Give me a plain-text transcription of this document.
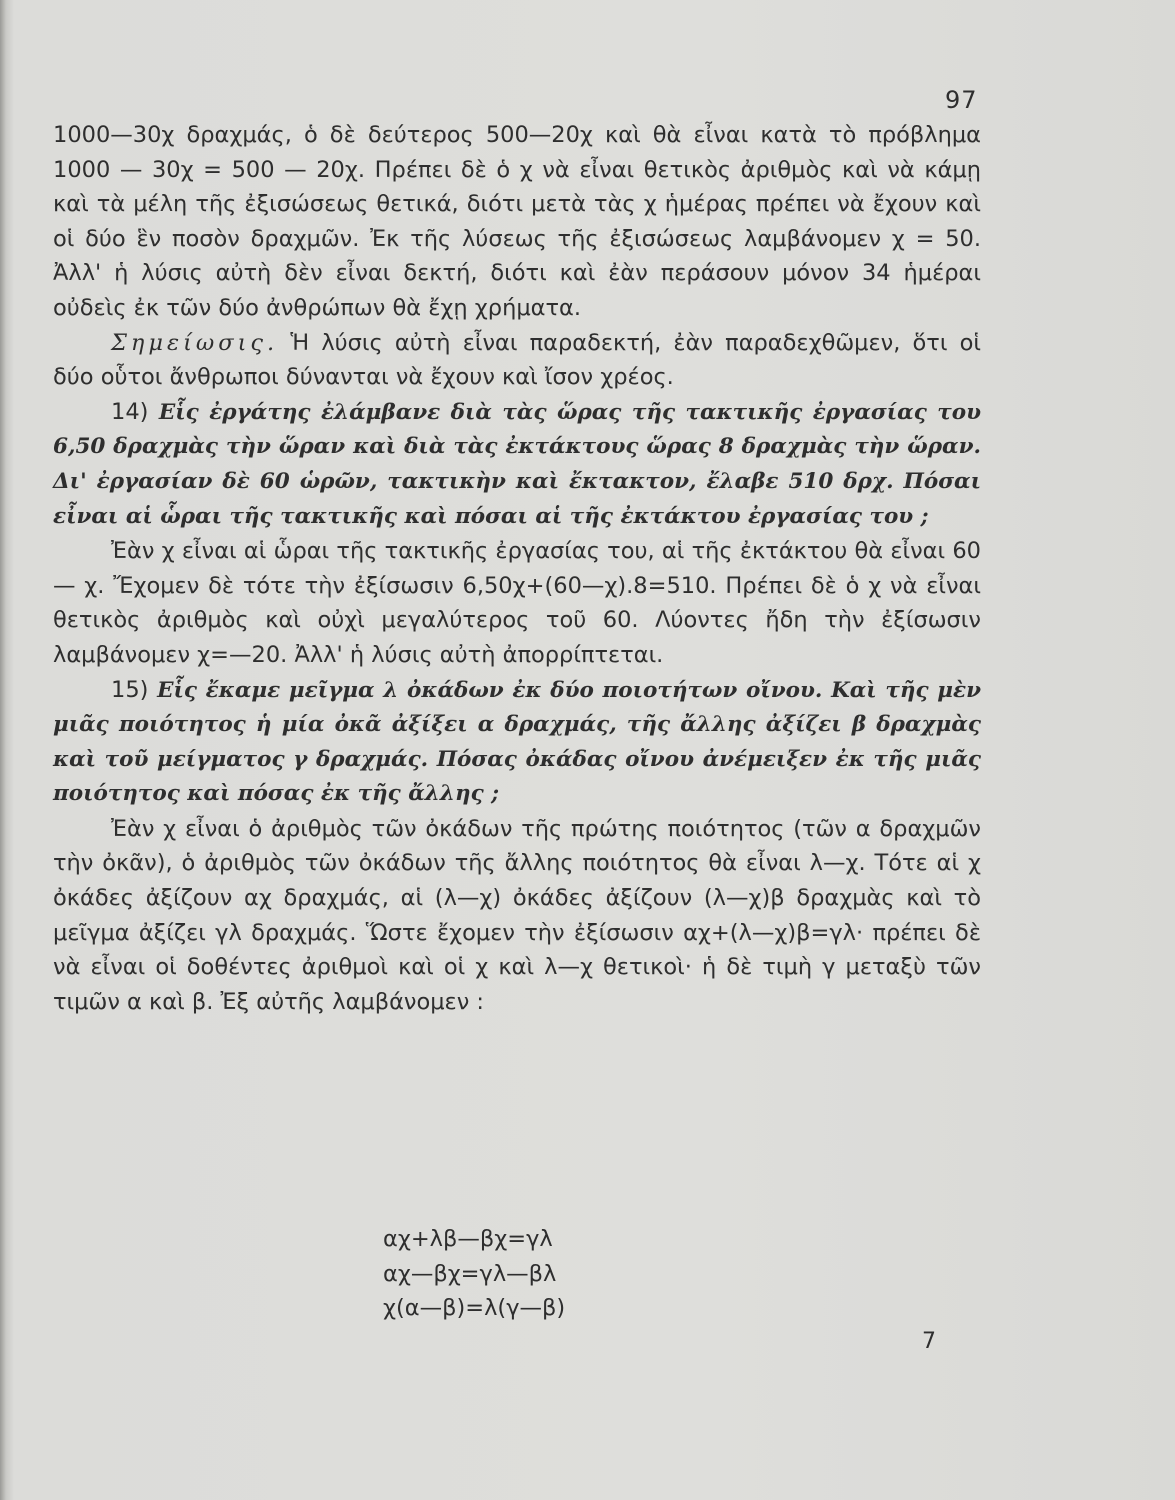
97

1000—30χ δραχμάς, ὁ δὲ δεύτερος 500—20χ καὶ θὰ εἶναι κατὰ τὸ πρόβλημα 1000 — 30χ = 500 — 20χ. Πρέπει δὲ ὁ χ νὰ εἶναι θετικὸς ἀριθμὸς καὶ νὰ κάμῃ καὶ τὰ μέλη τῆς ἐξισώσεως θετικά, διότι μετὰ τὰς χ ἡμέρας πρέπει νὰ ἔχουν καὶ οἱ δύο ἓν ποσὸν δραχμῶν. Ἐκ τῆς λύσεως τῆς ἐξισώσεως λαμβάνομεν χ = 50. Ἀλλ' ἡ λύσις αὐτὴ δὲν εἶναι δεκτή, διότι καὶ ἐὰν περάσουν μόνον 34 ἡμέραι οὐδεὶς ἐκ τῶν δύο ἀνθρώπων θὰ ἔχῃ χρήματα.

Σημείωσις. Ἡ λύσις αὐτὴ εἶναι παραδεκτή, ἐὰν παραδεχθῶμεν, ὅτι οἱ δύο οὗτοι ἄνθρωποι δύνανται νὰ ἔχουν καὶ ἴσον χρέος.

14) Εἷς ἐργάτης ἐλάμβανε διὰ τὰς ὥρας τῆς τακτικῆς ἐργασίας του 6,50 δραχμὰς τὴν ὥραν καὶ διὰ τὰς ἐκτάκτους ὥρας 8 δραχμὰς τὴν ὥραν. Δι' ἐργασίαν δὲ 60 ὡρῶν, τακτικὴν καὶ ἔκτακτον, ἔλαβε 510 δρχ. Πόσαι εἶναι αἱ ὧραι τῆς τακτικῆς καὶ πόσαι αἱ τῆς ἐκτάκτου ἐργασίας του ;

Ἐὰν χ εἶναι αἱ ὧραι τῆς τακτικῆς ἐργασίας του, αἱ τῆς ἐκτάκτου θὰ εἶναι 60 — χ. Ἔχομεν δὲ τότε τὴν ἐξίσωσιν 6,50χ+(60—χ).8=510. Πρέπει δὲ ὁ χ νὰ εἶναι θετικὸς ἀριθμὸς καὶ οὐχὶ μεγαλύτερος τοῦ 60. Λύοντες ἤδη τὴν ἐξίσωσιν λαμβάνομεν χ=—20. Ἀλλ' ἡ λύσις αὐτὴ ἀπορρίπτεται.

15) Εἷς ἔκαμε μεῖγμα λ ὀκάδων ἐκ δύο ποιοτήτων οἴνου. Καὶ τῆς μὲν μιᾶς ποιότητος ἡ μία ὀκᾶ ἀξίξει α δραχμάς, τῆς ἄλλης ἀξίζει β δραχμὰς καὶ τοῦ μείγματος γ δραχμάς. Πόσας ὀκάδας οἴνου ἀνέμειξεν ἐκ τῆς μιᾶς ποιότητος καὶ πόσας ἐκ τῆς ἄλλης ;

Ἐὰν χ εἶναι ὁ ἀριθμὸς τῶν ὀκάδων τῆς πρώτης ποιότητος (τῶν α δραχμῶν τὴν ὀκᾶν), ὁ ἀριθμὸς τῶν ὀκάδων τῆς ἄλλης ποιότητος θὰ εἶναι λ—χ. Τότε αἱ χ ὀκάδες ἀξίζουν αχ δραχμάς, αἱ (λ—χ) ὀκάδες ἀξίζουν (λ—χ)β δραχμὰς καὶ τὸ μεῖγμα ἀξίζει γλ δραχμάς. Ὥστε ἔχομεν τὴν ἐξίσωσιν αχ+(λ—χ)β=γλ· πρέπει δὲ νὰ εἶναι οἱ δοθέντες ἀριθμοὶ καὶ οἱ χ καὶ λ—χ θετικοὶ· ἡ δὲ τιμὴ γ μεταξὺ τῶν τιμῶν α καὶ β. Ἐξ αὐτῆς λαμβάνομεν :

αχ+λβ—βχ=γλ
αχ—βχ=γλ—βλ
χ(α—β)=λ(γ—β)
7
